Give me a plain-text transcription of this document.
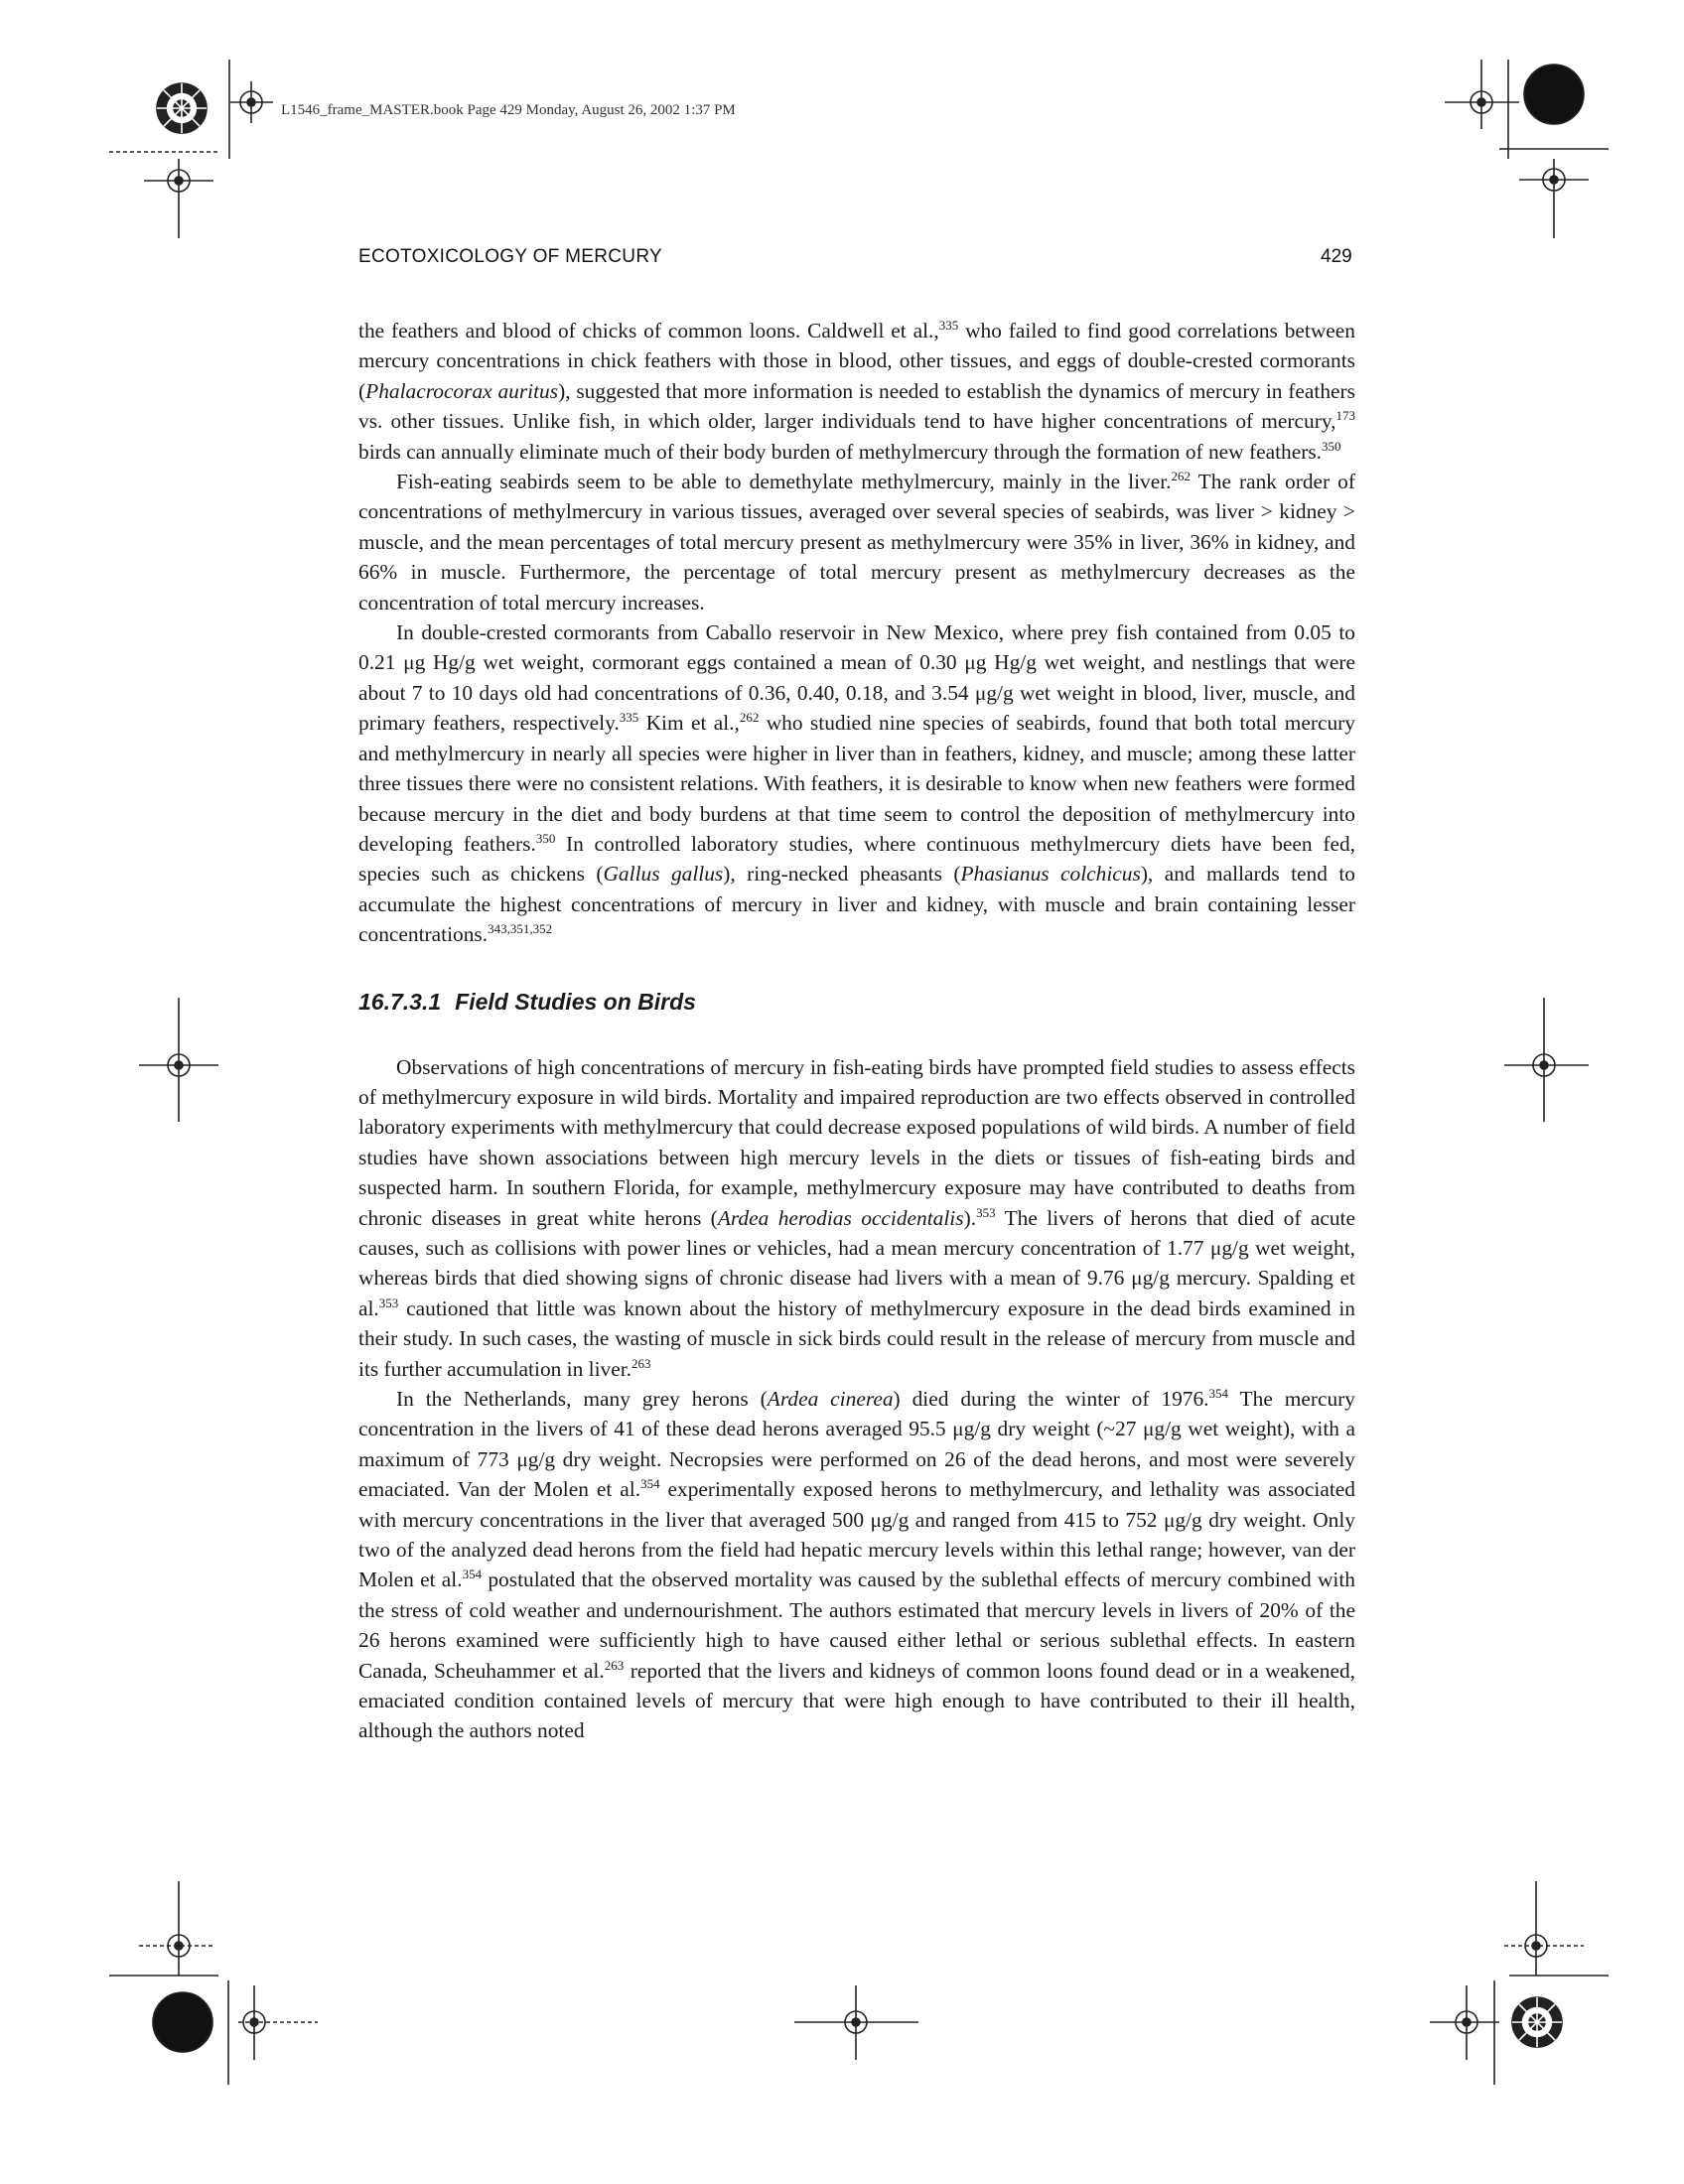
L1546_frame_MASTER.book Page 429 Monday, August 26, 2002 1:37 PM
ECOTOXICOLOGY OF MERCURY	429

the feathers and blood of chicks of common loons. Caldwell et al.,$^{335}$ who failed to find good correlations between mercury concentrations in chick feathers with those in blood, other tissues, and eggs of double-crested cormorants (Phalacrocorax auritus), suggested that more information is needed to establish the dynamics of mercury in feathers vs. other tissues. Unlike fish, in which older, larger individuals tend to have higher concentrations of mercury,$^{173}$ birds can annually eliminate much of their body burden of methylmercury through the formation of new feathers.$^{350}$

Fish-eating seabirds seem to be able to demethylate methylmercury, mainly in the liver.$^{262}$ The rank order of concentrations of methylmercury in various tissues, averaged over several species of seabirds, was liver > kidney > muscle, and the mean percentages of total mercury present as methylmercury were 35% in liver, 36% in kidney, and 66% in muscle. Furthermore, the percentage of total mercury present as methylmercury decreases as the concentration of total mercury increases.

In double-crested cormorants from Caballo reservoir in New Mexico, where prey fish contained from 0.05 to 0.21 μg Hg/g wet weight, cormorant eggs contained a mean of 0.30 μg Hg/g wet weight, and nestlings that were about 7 to 10 days old had concentrations of 0.36, 0.40, 0.18, and 3.54 μg/g wet weight in blood, liver, muscle, and primary feathers, respectively.$^{335}$ Kim et al.,$^{262}$ who studied nine species of seabirds, found that both total mercury and methylmercury in nearly all species were higher in liver than in feathers, kidney, and muscle; among these latter three tissues there were no consistent relations. With feathers, it is desirable to know when new feathers were formed because mercury in the diet and body burdens at that time seem to control the deposition of methylmercury into developing feathers.$^{350}$ In controlled laboratory studies, where continuous methylmercury diets have been fed, species such as chickens (Gallus gallus), ring-necked pheasants (Phasianus colchicus), and mallards tend to accumulate the highest concentrations of mercury in liver and kidney, with muscle and brain containing lesser concentrations.$^{343,351,352}$

16.7.3.1 Field Studies on Birds

Observations of high concentrations of mercury in fish-eating birds have prompted field studies to assess effects of methylmercury exposure in wild birds. Mortality and impaired reproduction are two effects observed in controlled laboratory experiments with methylmercury that could decrease exposed populations of wild birds. A number of field studies have shown associations between high mercury levels in the diets or tissues of fish-eating birds and suspected harm. In southern Florida, for example, methylmercury exposure may have contributed to deaths from chronic diseases in great white herons (Ardea herodias occidentalis).$^{353}$ The livers of herons that died of acute causes, such as collisions with power lines or vehicles, had a mean mercury concentration of 1.77 μg/g wet weight, whereas birds that died showing signs of chronic disease had livers with a mean of 9.76 μg/g mercury. Spalding et al.$^{353}$ cautioned that little was known about the history of methylmercury exposure in the dead birds examined in their study. In such cases, the wasting of muscle in sick birds could result in the release of mercury from muscle and its further accumulation in liver.$^{263}$

In the Netherlands, many grey herons (Ardea cinerea) died during the winter of 1976.$^{354}$ The mercury concentration in the livers of 41 of these dead herons averaged 95.5 μg/g dry weight (~27 μg/g wet weight), with a maximum of 773 μg/g dry weight. Necropsies were performed on 26 of the dead herons, and most were severely emaciated. Van der Molen et al.$^{354}$ experimentally exposed herons to methylmercury, and lethality was associated with mercury concentrations in the liver that averaged 500 μg/g and ranged from 415 to 752 μg/g dry weight. Only two of the analyzed dead herons from the field had hepatic mercury levels within this lethal range; however, van der Molen et al.$^{354}$ postulated that the observed mortality was caused by the sublethal effects of mercury combined with the stress of cold weather and undernourishment. The authors estimated that mercury levels in livers of 20% of the 26 herons examined were sufficiently high to have caused either lethal or serious sublethal effects. In eastern Canada, Scheuhammer et al.$^{263}$ reported that the livers and kidneys of common loons found dead or in a weakened, emaciated condition contained levels of mercury that were high enough to have contributed to their ill health, although the authors noted
